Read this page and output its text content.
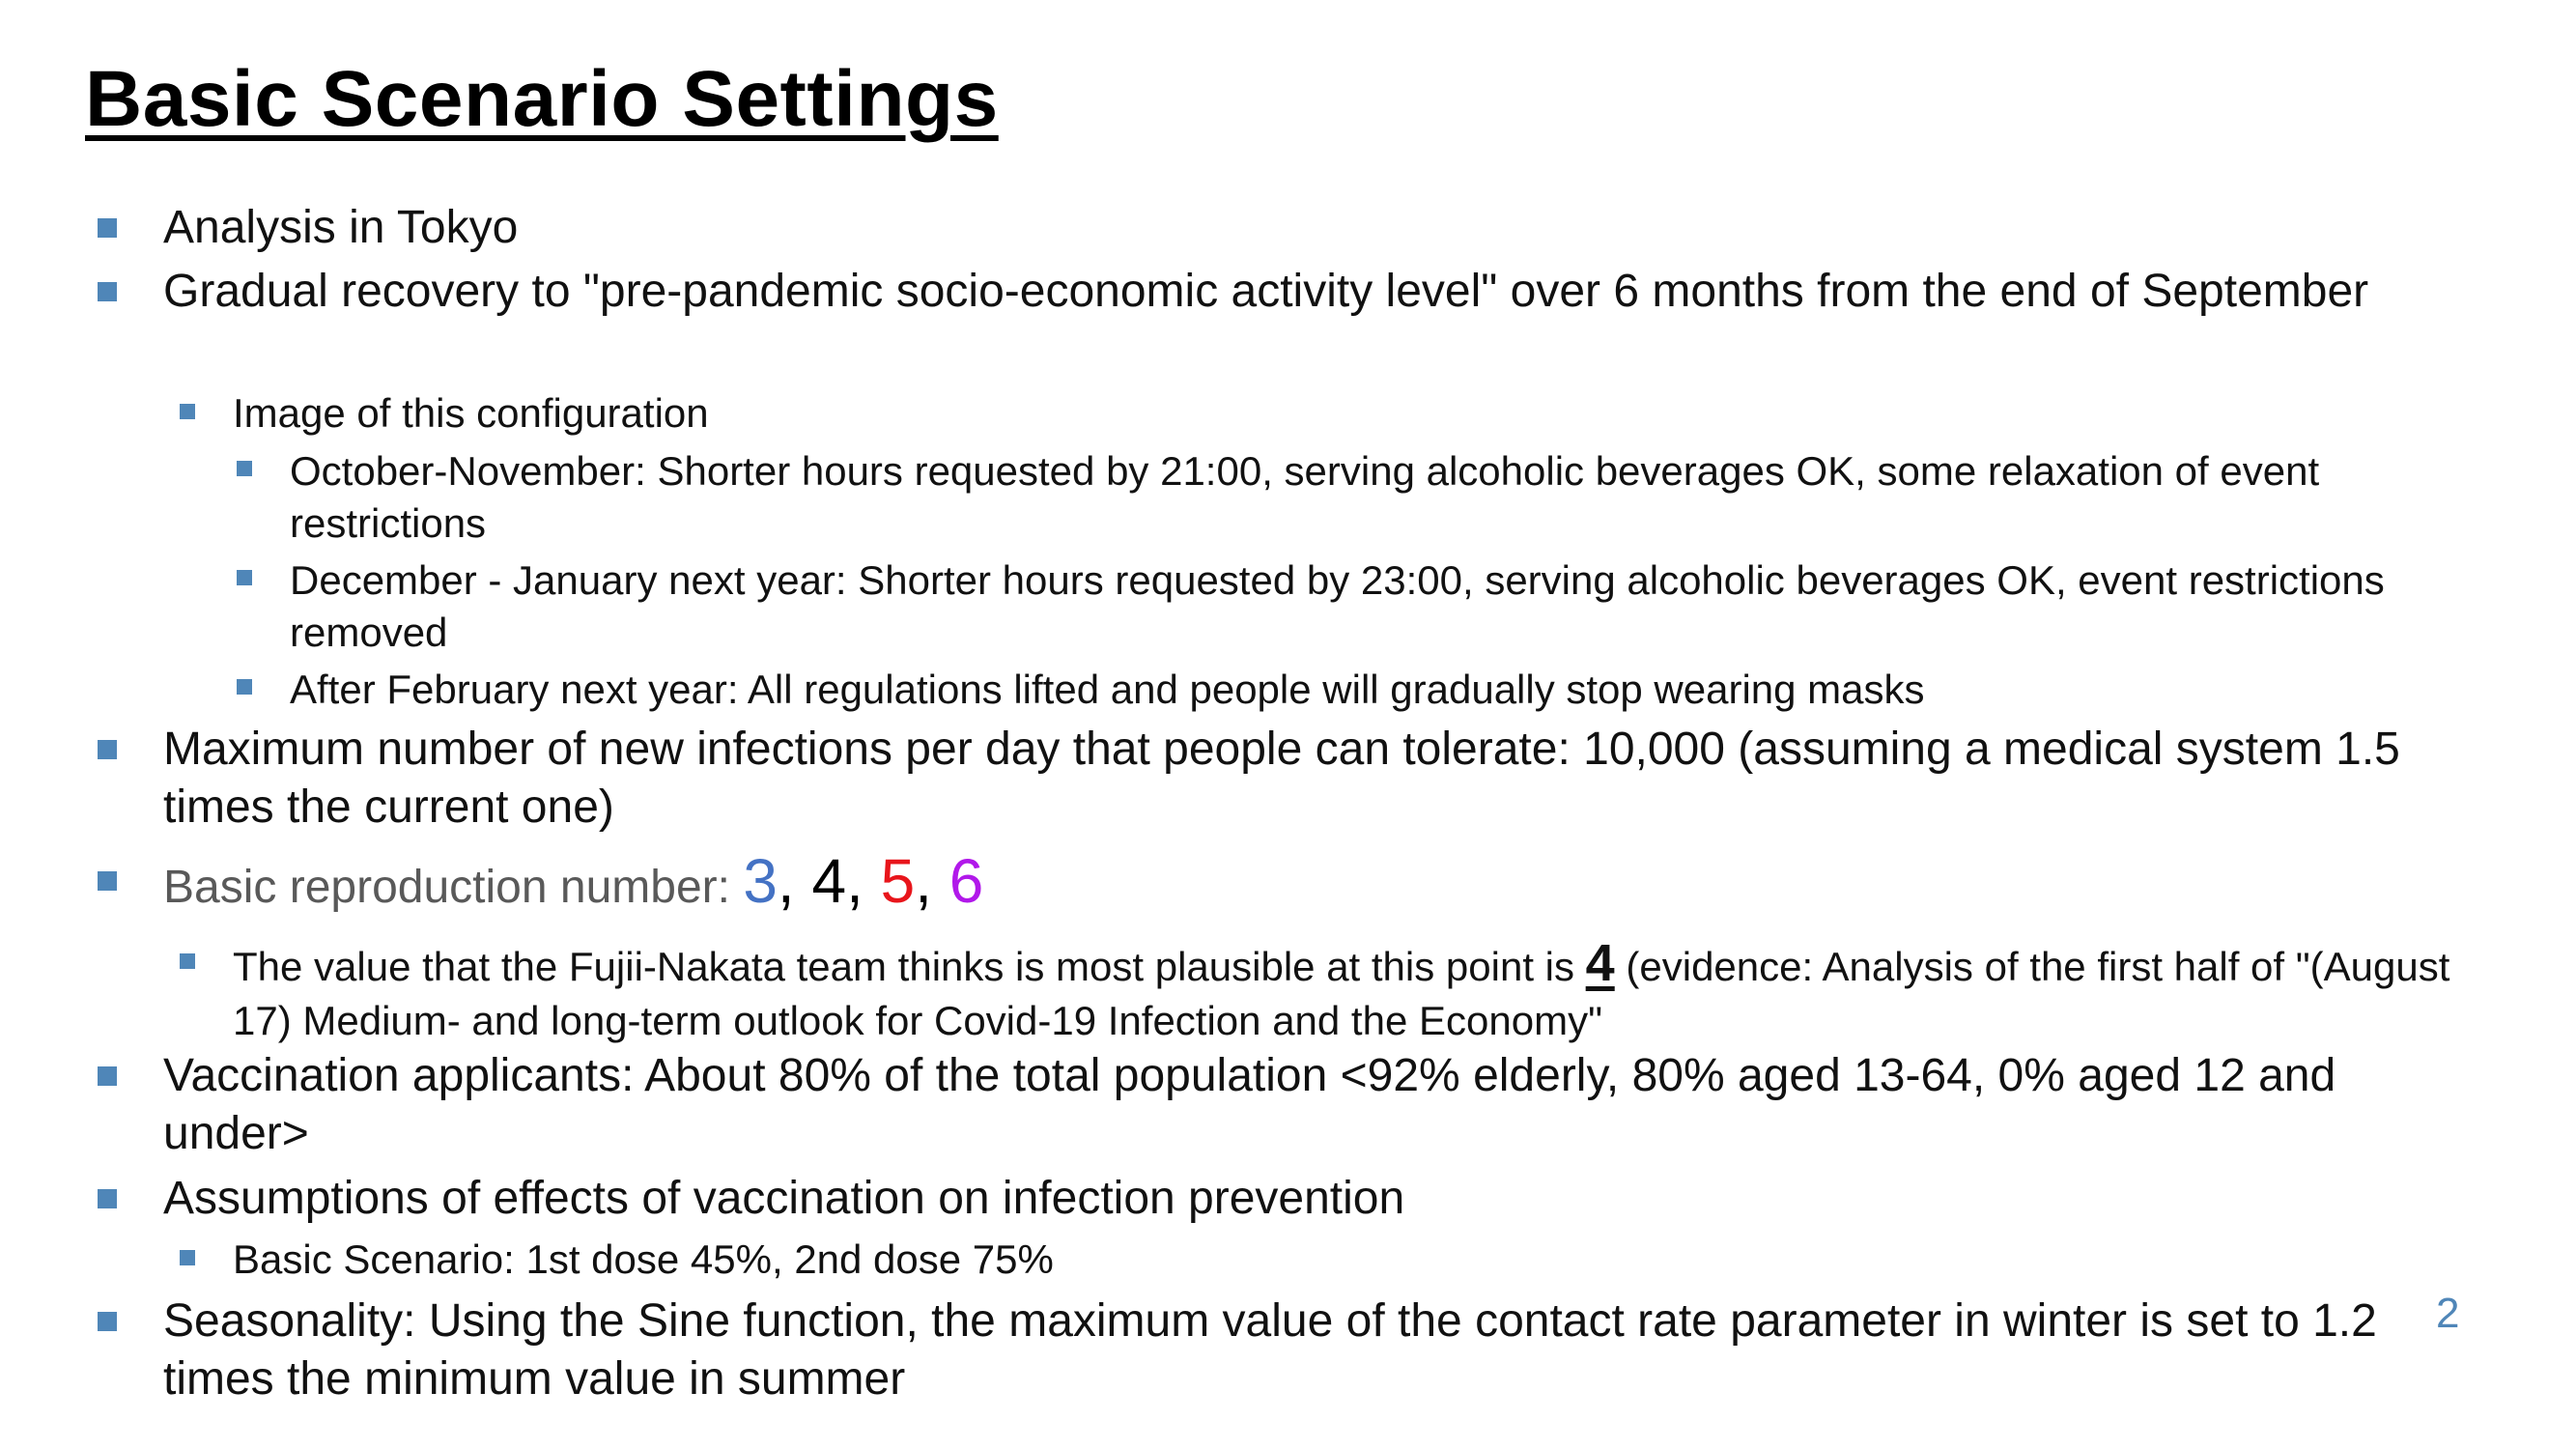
Basic Scenario Settings
Analysis in Tokyo
Gradual recovery to "pre-pandemic socio-economic activity level" over 6 months from the end of September
Image of this configuration
October-November: Shorter hours requested by 21:00, serving alcoholic beverages OK, some relaxation of event restrictions
December - January next year: Shorter hours requested by 23:00, serving alcoholic beverages OK, event restrictions removed
After February next year: All regulations lifted and people will gradually stop wearing masks
Maximum number of new infections per day that people can tolerate: 10,000 (assuming a medical system 1.5 times the current one)
Basic reproduction number: 3, 4, 5, 6
The value that the Fujii-Nakata team thinks is most plausible at this point is 4 (evidence: Analysis of the first half of "(August 17) Medium- and long-term outlook for Covid-19 Infection and the Economy"
Vaccination applicants: About 80% of the total population <92% elderly, 80% aged 13-64, 0% aged 12 and under>
Assumptions of effects of vaccination on infection prevention
Basic Scenario: 1st dose 45%, 2nd dose 75%
Seasonality: Using the Sine function, the maximum value of the contact rate parameter in winter is set to 1.2 times the minimum value in summer
2
